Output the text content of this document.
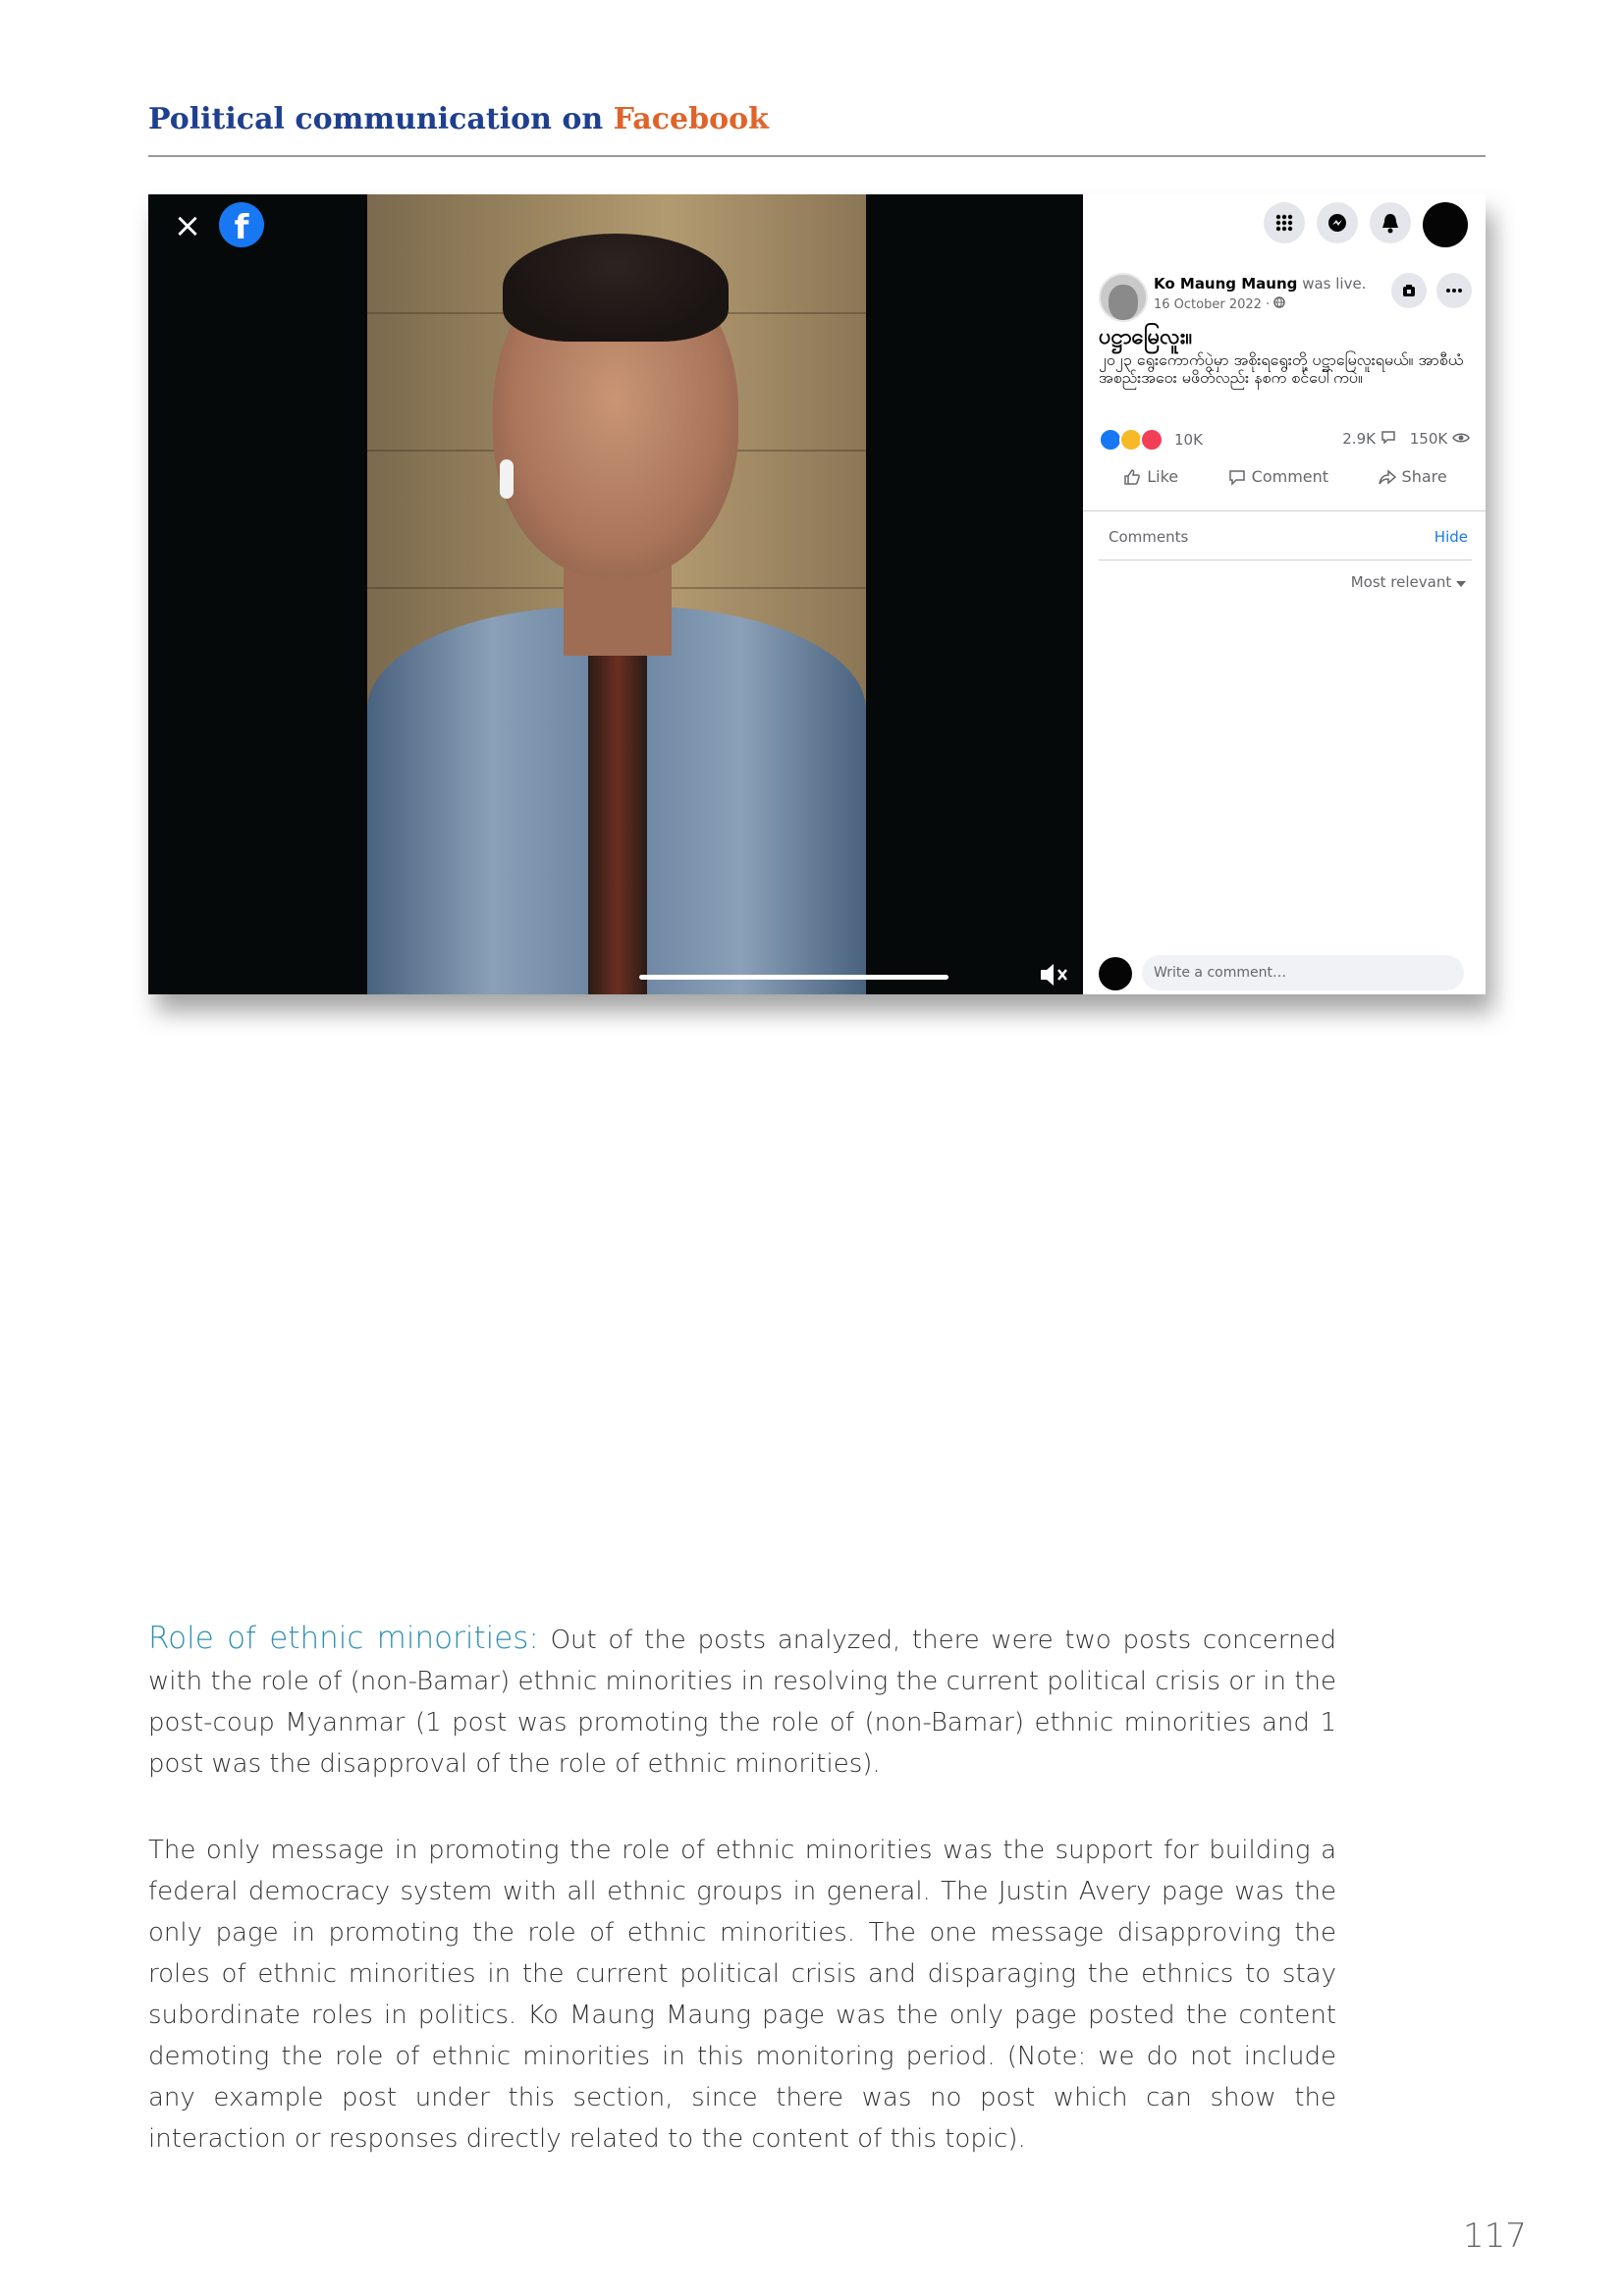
Political communication on Facebook
× f
Ko Maung Maung was live.
16 October 2022 ·
ပဋ္ဌာမြေလူး။
၂၀၂၃ ရွေးကောက်ပွဲမှာ အစိုးရရွေးတို့ ပဋ္ဌာမြေလူးရမယ်။ အာစီယံအစည်းအဝေး မဖိတ်လည်း နစက စင်ပေါ်ကပဲ။
10K	2.9K	150K
Like	Comment	Share
Comments	Hide
Most relevant
Write a comment…
Role of ethnic minorities: Out of the posts analyzed, there were two posts concerned with the role of (non-Bamar) ethnic minorities in resolving the current political crisis or in the post-coup Myanmar (1 post was promoting the role of (non-Bamar) ethnic minorities and 1 post was the disapproval of the role of ethnic minorities).
The only message in promoting the role of ethnic minorities was the support for building a federal democracy system with all ethnic groups in general. The Justin Avery page was the only page in promoting the role of ethnic minorities. The one message disapproving the roles of ethnic minorities in the current political crisis and disparaging the ethnics to stay subordinate roles in politics. Ko Maung Maung page was the only page posted the content demoting the role of ethnic minorities in this monitoring period. (Note: we do not include any example post under this section, since there was no post which can show the interaction or responses directly related to the content of this topic).
117
